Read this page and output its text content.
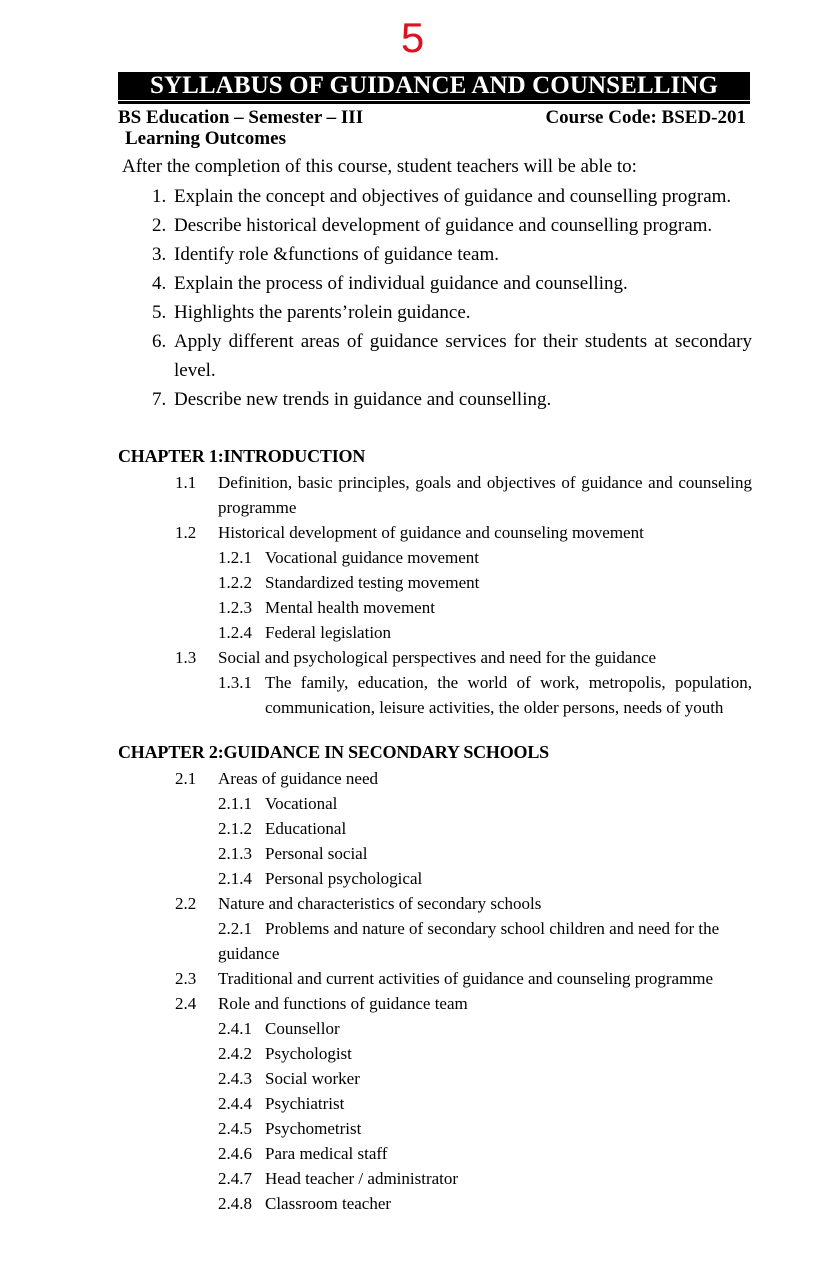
5
SYLLABUS OF GUIDANCE AND COUNSELLING
BS Education – Semester – III	Course Code: BSED-201
Learning Outcomes
After the completion of this course, student teachers will be able to:
1. Explain the concept and objectives of guidance and counselling program.
2. Describe historical development of guidance and counselling program.
3. Identify role &functions of guidance team.
4. Explain the process of individual guidance and counselling.
5. Highlights the parents’rolein guidance.
6. Apply different areas of guidance services for their students at secondary level.
7. Describe new trends in guidance and counselling.
CHAPTER 1:INTRODUCTION
1.1	Definition, basic principles, goals and objectives of guidance and counseling programme
1.2	Historical development of guidance and counseling movement
1.2.1 Vocational guidance movement
1.2.2 Standardized testing movement
1.2.3 Mental health movement
1.2.4 Federal legislation
1.3	Social and psychological perspectives and need for the guidance
1.3.1 The family, education, the world of work, metropolis, population, communication, leisure activities, the older persons, needs of youth
CHAPTER 2:GUIDANCE IN SECONDARY SCHOOLS
2.1	Areas of guidance need
2.1.1 Vocational
2.1.2 Educational
2.1.3 Personal social
2.1.4 Personal psychological
2.2	Nature and characteristics of secondary schools
2.2.1 Problems and nature of secondary school children and need for the guidance
2.3	Traditional and current activities of guidance and counseling programme
2.4	Role and functions of guidance team
2.4.1 Counsellor
2.4.2 Psychologist
2.4.3 Social worker
2.4.4 Psychiatrist
2.4.5 Psychometrist
2.4.6 Para medical staff
2.4.7 Head teacher / administrator
2.4.8 Classroom teacher
